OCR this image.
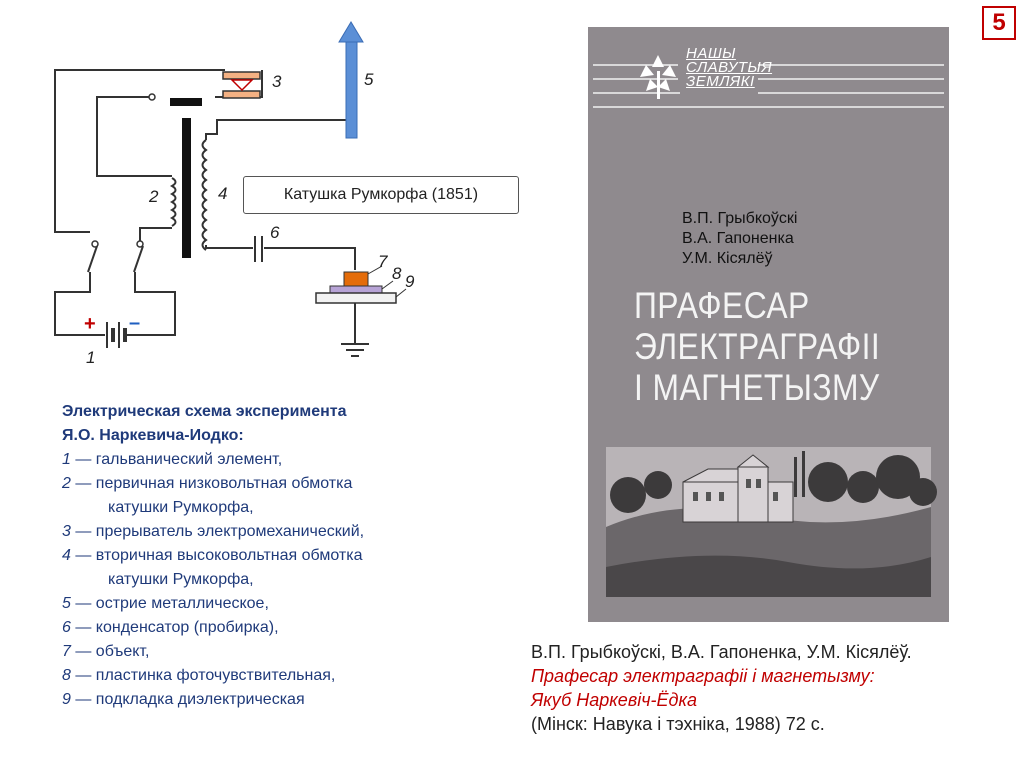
5
3	5
2	4
6
7
8 9
1
+ –
Катушка Румкорфа (1851)
Электрическая схема эксперимента
Я.О. Наркевича-Иодко:
1 — гальванический элемент,
2 — первичная низковольтная обмотка
катушки Румкорфа,
3 — прерыватель электромеханический,
4 — вторичная высоковольтная обмотка
катушки Румкорфа,
5 — острие металлическое,
6 — конденсатор (пробирка),
7 — объект,
8 — пластинка фоточувствительная,
9 — подкладка диэлектрическая
НАШЫ
СЛАВУТЫЯ
ЗЕМЛЯКІ
В.П. Грыбкоўскі
В.А. Гапоненка
У.М. Кісялёў
ПРАФЕСАР
ЭЛЕКТРАГРАФІІ
І МАГНЕТЫЗМУ
В.П. Грыбкоўскі, В.А. Гапоненка, У.М. Кісялёў.
Прафесар электраграфіі і магнетызму:
Якуб Наркевіч-Ёдка
(Мінск: Навука і тэхніка, 1988) 72 с.
